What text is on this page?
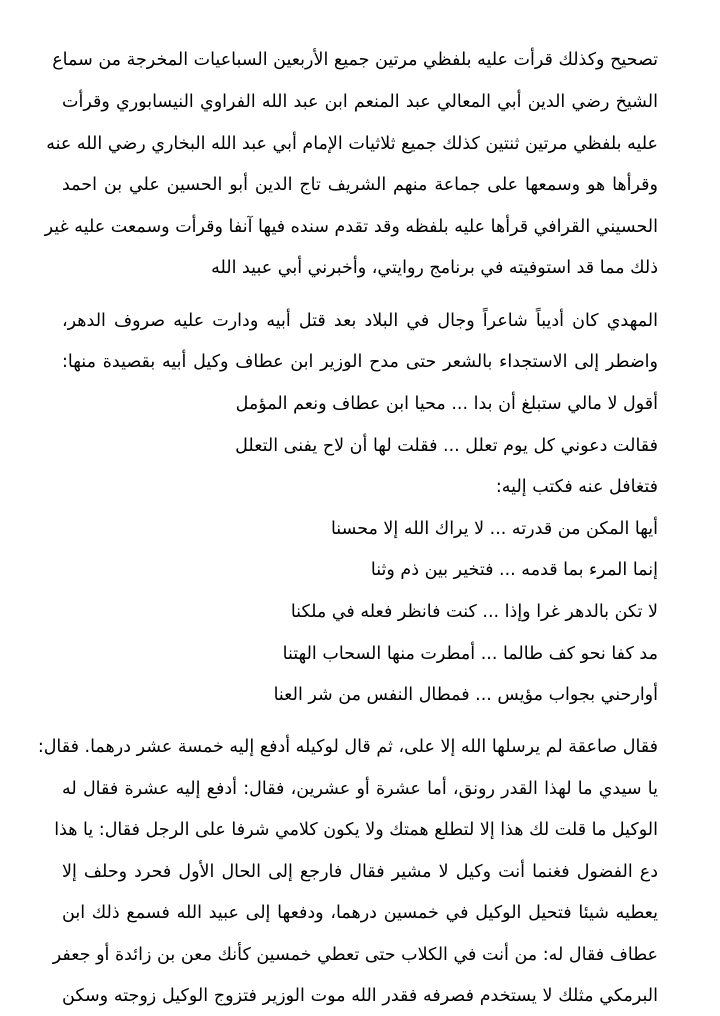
تصحيح وكذلك قرأت عليه بلفظي مرتين جميع الأربعين السباعيات المخرجة من سماع
الشيخ رضي الدين أبي المعالي عبد المنعم ابن عبد الله الفراوي النيسابوري وقرأت
عليه بلفظي مرتين ثنتين كذلك جميع ثلاثيات الإمام أبي عبد الله البخاري رضي الله عنه
وقرأها هو وسمعها على جماعة منهم الشريف تاج الدين أبو الحسين علي بن احمد
الحسيني القرافي قرأها عليه بلفظه وقد تقدم سنده فيها آنفا وقرأت وسمعت عليه غير
ذلك مما قد استوفيته في برنامج روايتي، وأخبرني أبي عبيد الله
المهدي كان أديباً شاعراً وجال في البلاد بعد قتل أبيه ودارت عليه صروف الدهر،
واضطر إلى الاستجداء بالشعر حتى مدح الوزير ابن عطاف وكيل أبيه بقصيدة منها:
أقول لا مالي ستبلغ أن بدا ... محيا ابن عطاف ونعم المؤمل
فقالت دعوني كل يوم تعلل ... فقلت لها أن لاح يفنى التعلل
فتغافل عنه فكتب إليه:
أيها المكن من قدرته ... لا يراك الله إلا محسنا
إنما المرء بما قدمه ... فتخير بين ذم وثنا
لا تكن بالدهر غرا وإذا ... كنت فانظر فعله في ملكنا
مد كفا نحو كف طالما ... أمطرت منها السحاب الهتنا
أوارحني بجواب مؤيس ... فمطال النفس من شر العنا
فقال صاعقة لم يرسلها الله إلا على، ثم قال لوكيله أدفع إليه خمسة عشر درهما. فقال:
يا سيدي ما لهذا القدر رونق، أما عشرة أو عشرين، فقال: أدفع إليه عشرة فقال له
الوكيل ما قلت لك هذا إلا لتطلع همتك ولا يكون كلامي شرفا على الرجل فقال: يا هذا
دع الفضول فغنما أنت وكيل لا مشير فقال فارجع إلى الحال الأول فحرد وحلف إلا
يعطيه شيئا فتحيل الوكيل في خمسين درهما، ودفعها إلى عبيد الله فسمع ذلك ابن
عطاف فقال له: من أنت في الكلاب حتى تعطي خمسين كأنك معن بن زائدة أو جعفر
البرمكي مثلك لا يستخدم فصرفه فقدر الله موت الوزير فتزوج الوكيل زوجته وسكن
